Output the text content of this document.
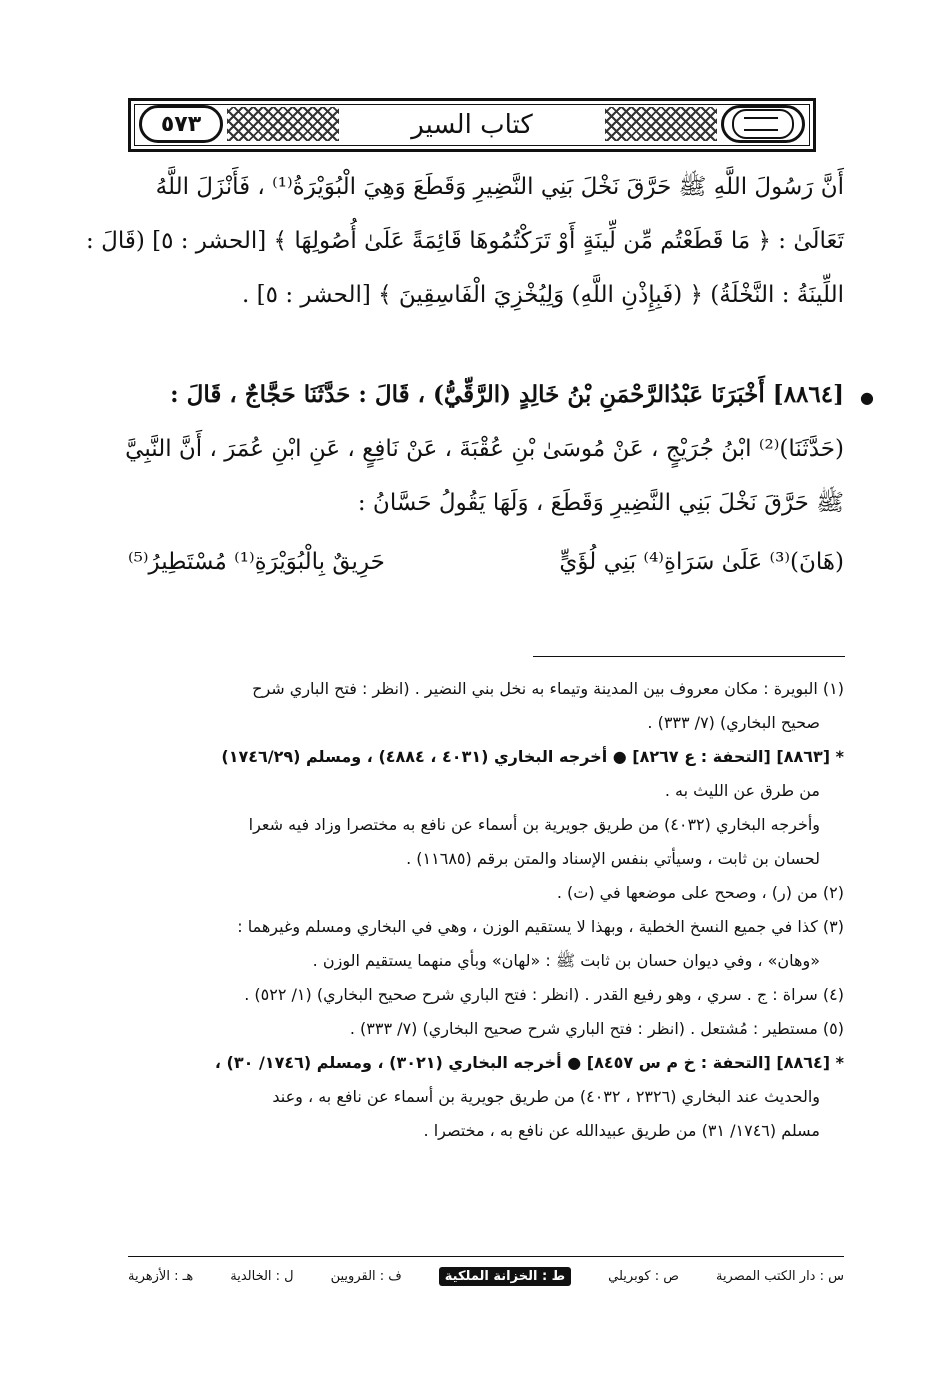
٥٧٣	كتاب السير
أَنَّ رَسُولَ اللَّهِ ﷺ حَرَّقَ نَخْلَ بَنِي النَّضِيرِ وَقَطَعَ وَهِيَ الْبُوَيْرَةُ⁽¹⁾ ، فَأَنْزَلَ اللَّهُ
تَعَالَىٰ : ﴿ مَا قَطَعْتُم مِّن لِّينَةٍ أَوْ تَرَكْتُمُوهَا قَائِمَةً عَلَىٰ أُصُولِهَا ﴾ [الحشر : ٥] (قَالَ :
اللِّينَةُ : النَّخْلَةُ) ﴿ (فَبِإِذْنِ اللَّهِ) وَلِيُخْزِيَ الْفَاسِقِينَ ﴾ [الحشر : ٥] .
●
[٨٨٦٤] أَخْبَرَنَا عَبْدُالرَّحْمَنِ بْنُ خَالِدٍ (الرَّقِّيُّ) ، قَالَ : حَدَّثَنَا حَجَّاجٌ ، قَالَ :
(حَدَّثَنَا)⁽²⁾ ابْنُ جُرَيْجٍ ، عَنْ مُوسَىٰ بْنِ عُقْبَةَ ، عَنْ نَافِعٍ ، عَنِ ابْنِ عُمَرَ ، أَنَّ النَّبِيَّ
ﷺ حَرَّقَ نَخْلَ بَنِي النَّضِيرِ وَقَطَعَ ، وَلَهَا يَقُولُ حَسَّانُ :
(هَانَ)⁽³⁾ عَلَىٰ سَرَاةِ⁽⁴⁾ بَنِي لُؤَيٍّ
حَرِيقٌ بِالْبُوَيْرَةِ⁽¹⁾ مُسْتَطِيرُ⁽⁵⁾
(١) البويرة : مكان معروف بين المدينة وتيماء به نخل بني النضير . (انظر : فتح الباري شرح
صحيح البخاري) (٧/ ٣٣٣) .
* [٨٨٦٣] [التحفة : ع ٨٢٦٧] ● أخرجه البخاري (٤٠٣١ ، ٤٨٨٤) ، ومسلم (١٧٤٦/٢٩)
من طرق عن الليث به .
وأخرجه البخاري (٤٠٣٢) من طريق جويرية بن أسماء عن نافع به مختصرا وزاد فيه شعرا
لحسان بن ثابت ، وسيأتي بنفس الإسناد والمتن برقم (١١٦٨٥) .
(٢) من (ر) ، وصحح على موضعها في (ت) .
(٣) كذا في جميع النسخ الخطية ، وبهذا لا يستقيم الوزن ، وهي في البخاري ومسلم وغيرهما :
«وهان» ، وفي ديوان حسان بن ثابت ﷺ : «لهان» وبأي منهما يستقيم الوزن .
(٤) سراة : ج . سري ، وهو رفيع القدر . (انظر : فتح الباري شرح صحيح البخاري) (١/ ٥٢٢) .
(٥) مستطير : مُشتعل . (انظر : فتح الباري شرح صحيح البخاري) (٧/ ٣٣٣) .
* [٨٨٦٤] [التحفة : خ م س ٨٤٥٧] ● أخرجه البخاري (٣٠٢١) ، ومسلم (١٧٤٦/ ٣٠) ،
والحديث عند البخاري (٢٣٢٦ ، ٤٠٣٢) من طريق جويرية بن أسماء عن نافع به ، وعند
مسلم (١٧٤٦/ ٣١) من طريق عبيدالله عن نافع به ، مختصرا .
س : دار الكتب المصرية
ص : كوبريلي
ط : الخزانة الملكية
ف : القرويين
ل : الخالدية
هـ : الأزهرية
